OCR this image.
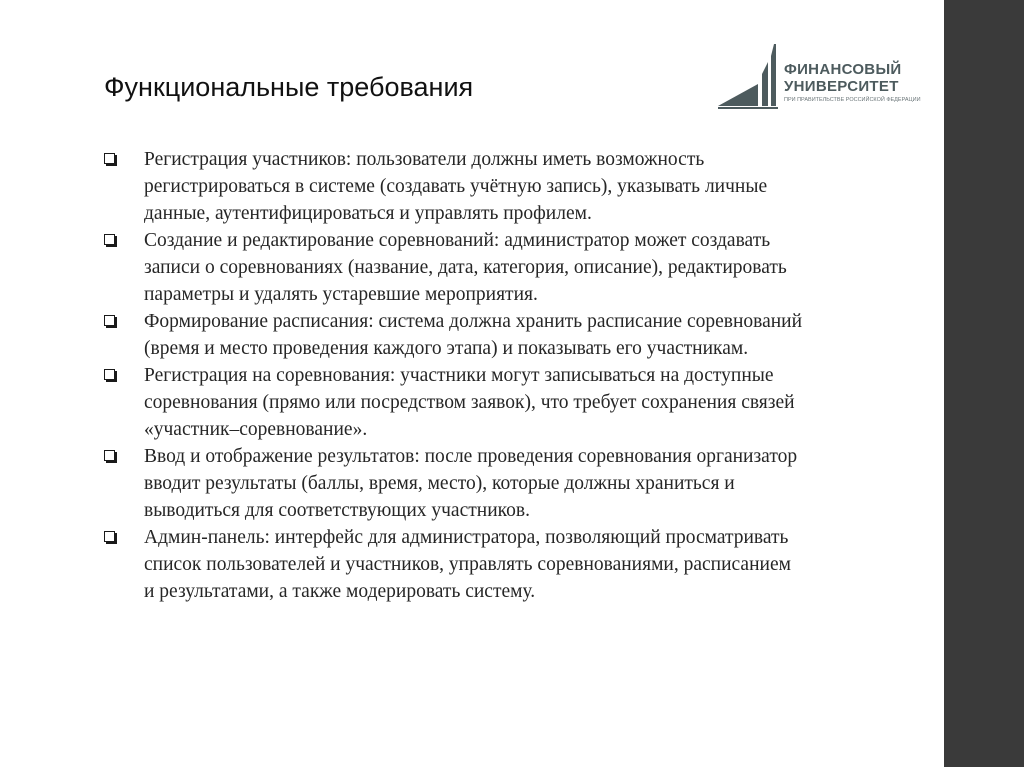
Функциональные требования
ФИНАНСОВЫЙ
УНИВЕРСИТЕТ
ПРИ ПРАВИТЕЛЬСТВЕ РОССИЙСКОЙ ФЕДЕРАЦИИ
Регистрация участников: пользователи должны иметь возможность регистрироваться в системе (создавать учётную запись), указывать личные данные, аутентифицироваться и управлять профилем.
Создание и редактирование соревнований: администратор может создавать записи о соревнованиях (название, дата, категория, описание), редактировать параметры и удалять устаревшие мероприятия.
Формирование расписания: система должна хранить расписание соревнований (время и место проведения каждого этапа) и показывать его участникам.
Регистрация на соревнования: участники могут записываться на доступные соревнования (прямо или посредством заявок), что требует сохранения связей «участник–соревнование».
Ввод и отображение результатов: после проведения соревнования организатор вводит результаты (баллы, время, место), которые должны храниться и выводиться для соответствующих участников.
Админ-панель: интерфейс для администратора, позволяющий просматривать список пользователей и участников, управлять соревнованиями, расписанием и результатами, а также модерировать систему.
